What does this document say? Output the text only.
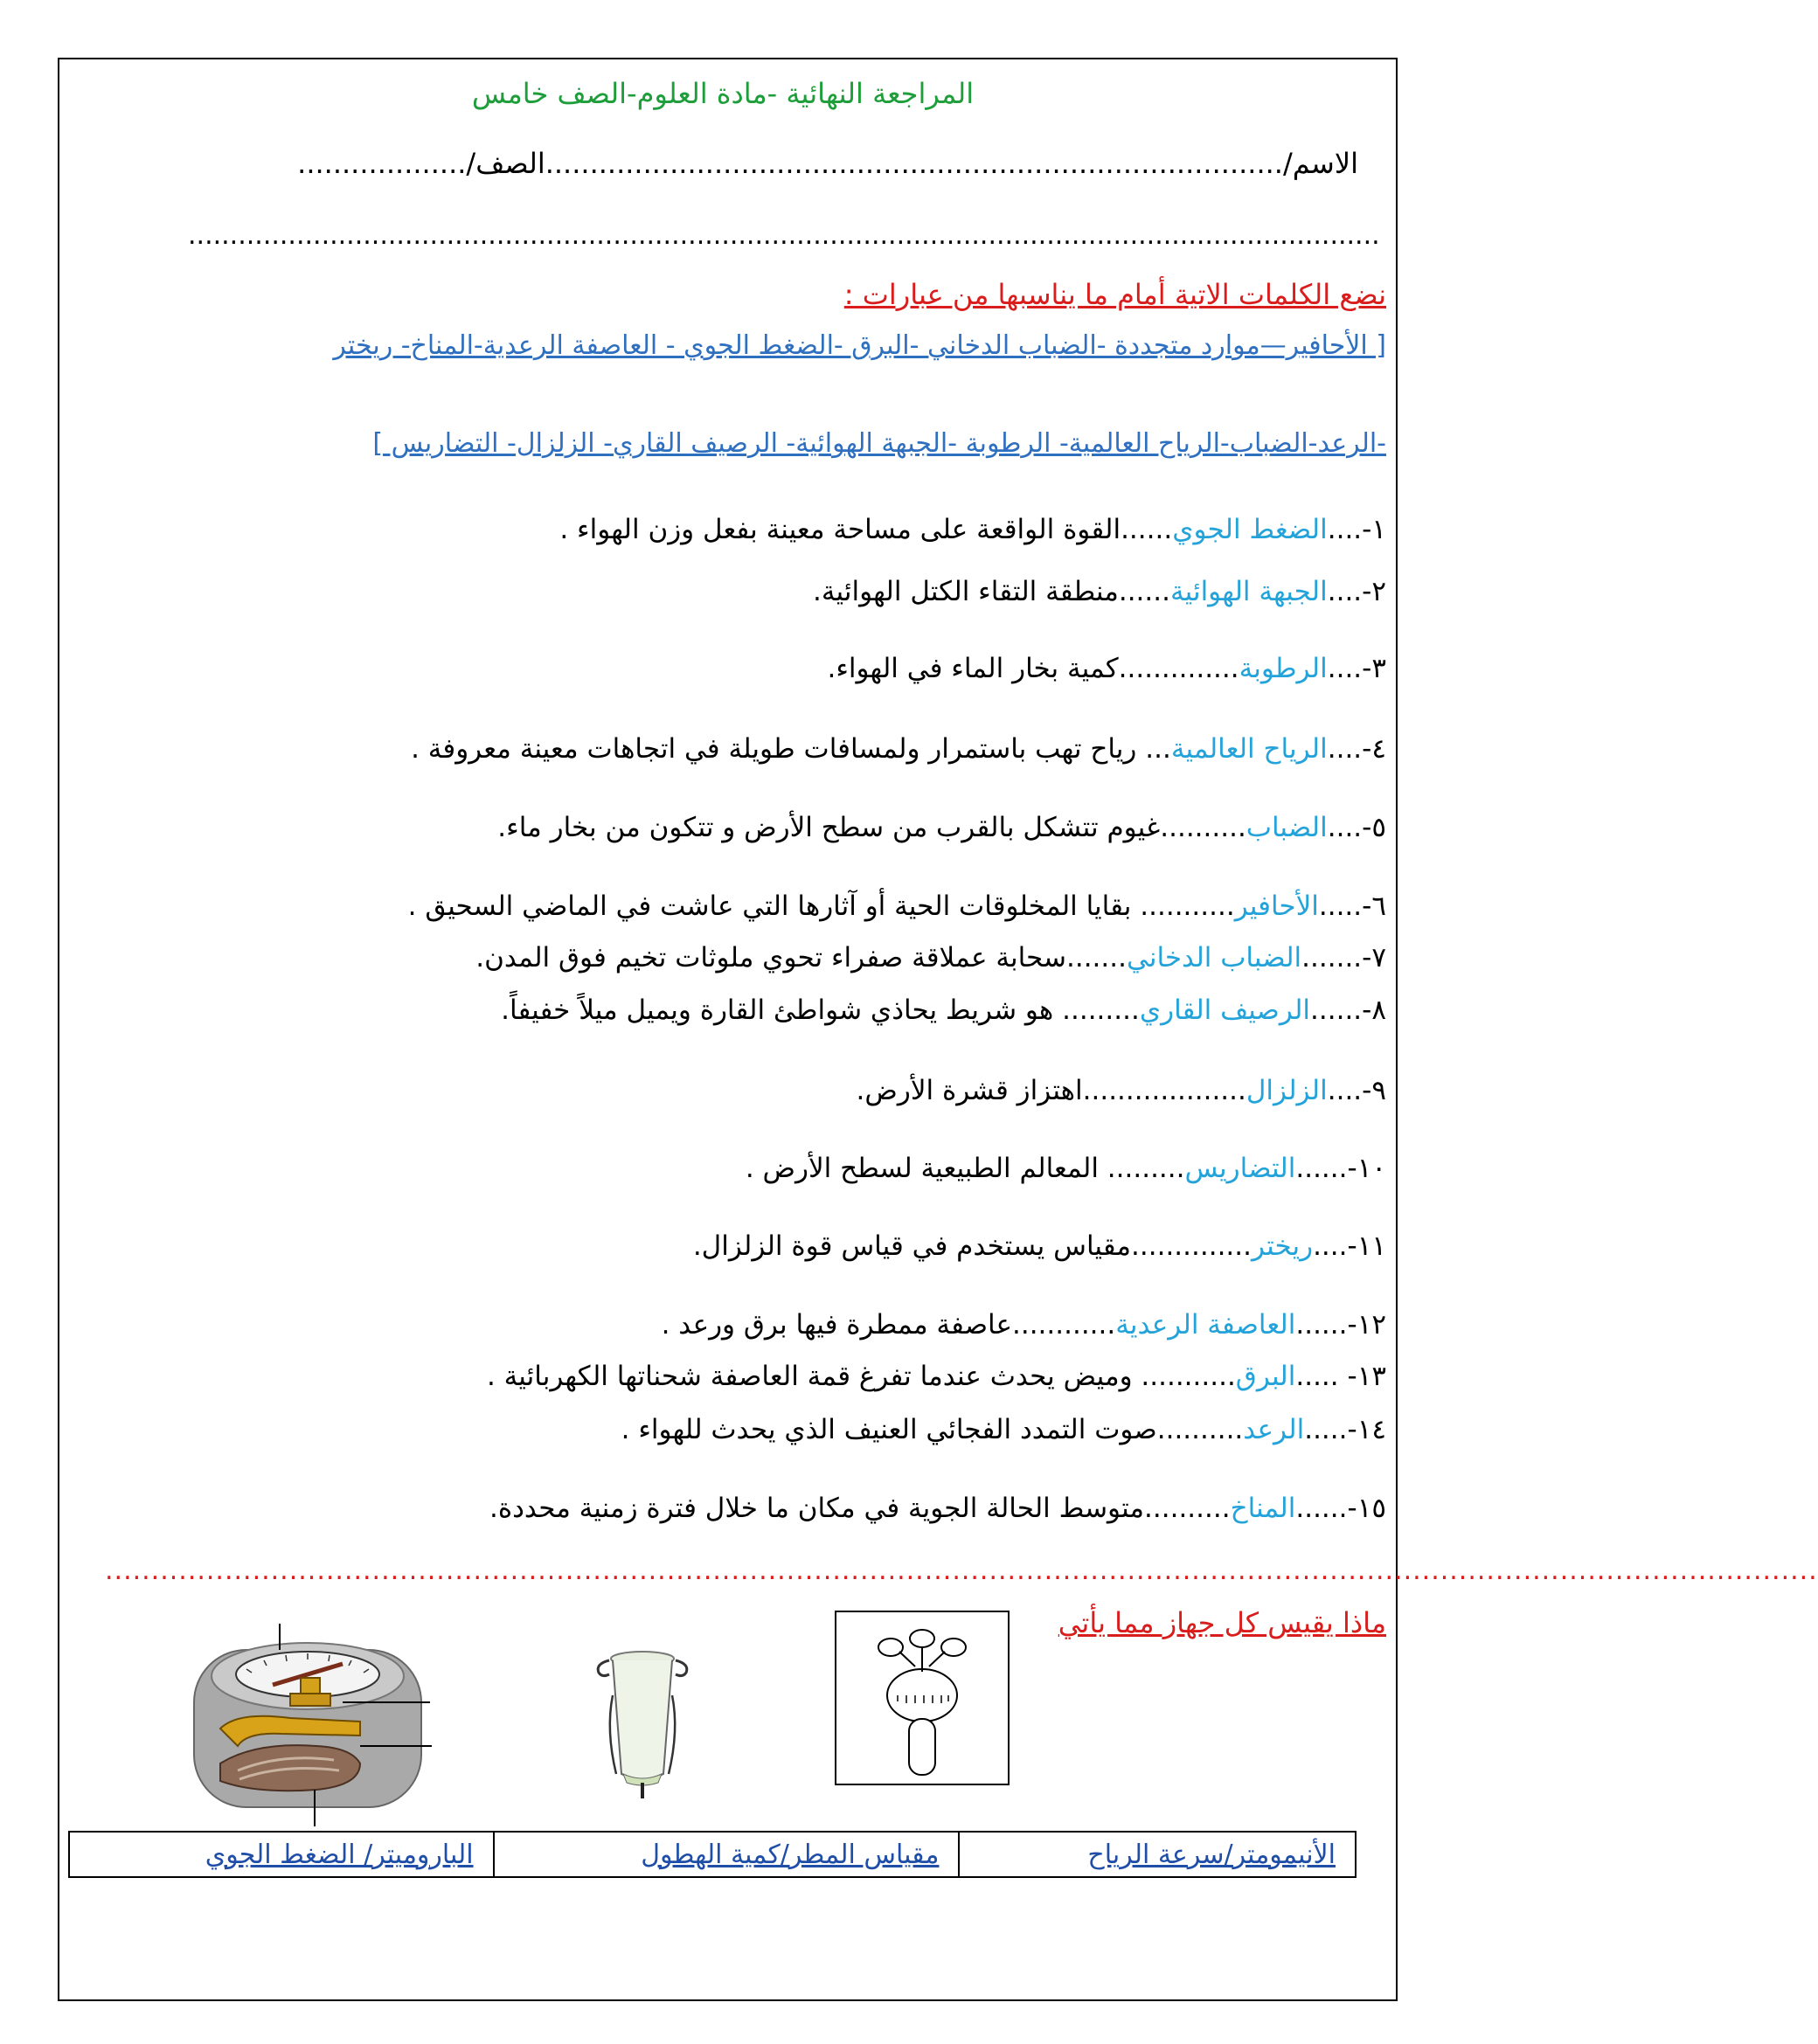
المراجعة النهائية -مادة العلوم-الصف خامس
الاسم/...................................................................................الصف/...................
...............................................................................................................................................
نضع الكلمات الاتية أمام ما يناسبها من عبارات :
[ الأحافير—موارد متجددة -الضباب الدخاني -البرق -الضغط الجوي - العاصفة الرعدية-المناخ- ريختر
-الرعد-الضباب-الرياح العالمية- الرطوبة -الجبهة الهوائية- الرصيف القاري- الزلزال- التضاريس ]
١-....الضغط الجوي......القوة الواقعة على مساحة معينة بفعل وزن الهواء .
٢-....الجبهة الهوائية......منطقة التقاء الكتل الهوائية.
٣-....الرطوبة..............كمية بخار الماء في الهواء.
٤-....الرياح العالمية... رياح تهب باستمرار ولمسافات طويلة في اتجاهات معينة معروفة .
٥-....الضباب..........غيوم تتشكل بالقرب من سطح الأرض و تتكون من بخار ماء.
٦-.....الأحافير........... بقايا المخلوقات الحية أو آثارها التي عاشت في الماضي السحيق .
٧-.......الضباب الدخاني.......سحابة عملاقة صفراء تحوي ملوثات تخيم فوق المدن.
٨-......الرصيف القاري......... هو شريط يحاذي شواطئ القارة ويميل ميلاً خفيفاً.
٩-....الزلزال...................اهتزاز قشرة الأرض.
١٠-......التضاريس......... المعالم الطبيعية لسطح الأرض .
١١-....ريختر..............مقياس يستخدم في قياس قوة الزلزال.
١٢-......العاصفة الرعدية............عاصفة ممطرة فيها برق ورعد .
١٣- .....البرق........... وميض يحدث عندما تفرغ قمة العاصفة شحناتها الكهربائية .
١٤-.....الرعد..........صوت التمدد الفجائي العنيف الذي يحدث للهواء .
١٥-......المناخ..........متوسط الحالة الجوية في مكان ما خلال فترة زمنية محددة.
..........................................................................................................................................................................................
ماذا يقيس كل جهاز مما يأتي
الأنيمومتر/سرعة الرياح	مقياس المطر/كمية الهطول	الباروميتر/ الضغط الجوي
